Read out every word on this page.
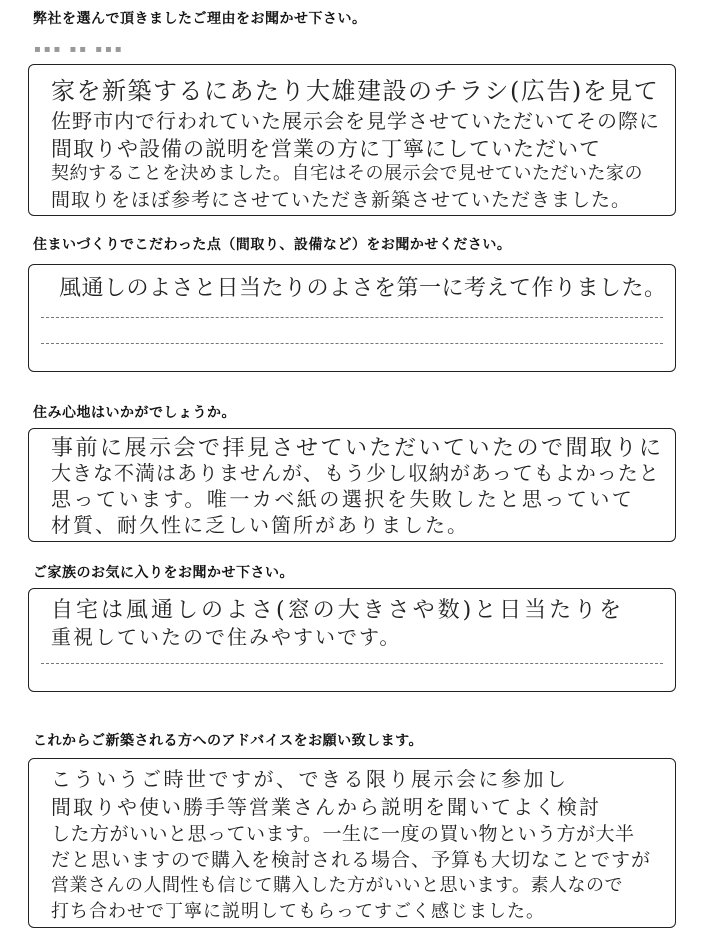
弊社を選んで頂きましたご理由をお聞かせ下さい。
▪▪▪ ▪▪ ▪▪▪
家を新築するにあたり大雄建設のチラシ(広告)を見て
佐野市内で行われていた展示会を見学させていただいてその際に
間取りや設備の説明を営業の方に丁寧にしていただいて
契約することを決めました。自宅はその展示会で見せていただいた家の
間取りをほぼ参考にさせていただき新築させていただきました。
住まいづくりでこだわった点（間取り、設備など）をお聞かせください。
風通しのよさと日当たりのよさを第一に考えて作りました。
住み心地はいかがでしょうか。
事前に展示会で拝見させていただいていたので間取りに
大きな不満はありませんが、もう少し収納があってもよかったと
思っています。唯一カベ紙の選択を失敗したと思っていて
材質、耐久性に乏しい箇所がありました。
ご家族のお気に入りをお聞かせ下さい。
自宅は風通しのよさ(窓の大きさや数)と日当たりを
重視していたので住みやすいです。
これからご新築される方へのアドバイスをお願い致します。
こういうご時世ですが、できる限り展示会に参加し
間取りや使い勝手等営業さんから説明を聞いてよく検討
した方がいいと思っています。一生に一度の買い物という方が大半
だと思いますので購入を検討される場合、予算も大切なことですが
営業さんの人間性も信じて購入した方がいいと思います。素人なので
打ち合わせで丁寧に説明してもらってすごく感じました。
